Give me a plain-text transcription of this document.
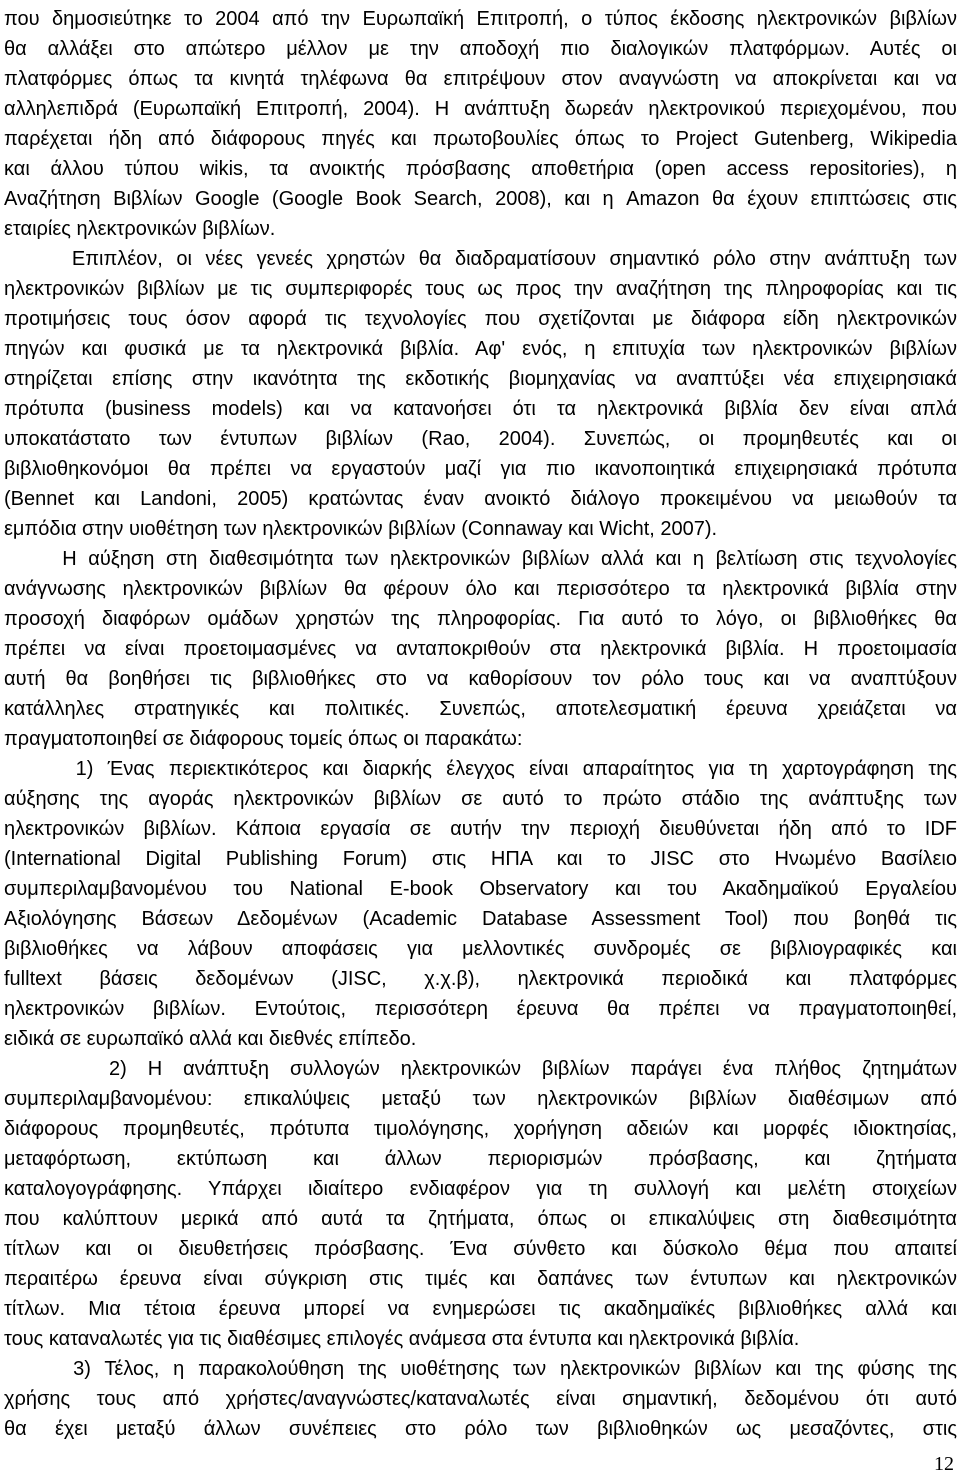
που δημοσιεύτηκε το 2004 από την Ευρωπαϊκή Επιτροπή, ο τύπος έκδοσης ηλεκτρονικών βιβλίων
θα αλλάξει στο απώτερο μέλλον με την αποδοχή πιο διαλογικών πλατφόρμων. Αυτές οι
πλατφόρμες όπως τα κινητά τηλέφωνα θα επιτρέψουν στον αναγνώστη να αποκρίνεται και να
αλληλεπιδρά (Ευρωπαϊκή Επιτροπή, 2004). Η ανάπτυξη δωρεάν ηλεκτρονικού περιεχομένου, που
παρέχεται ήδη από διάφορους πηγές και πρωτοβουλίες όπως το Project Gutenberg, Wikipedia
και άλλου τύπου wikis, τα ανοικτής πρόσβασης αποθετήρια (open access repositories), η
Αναζήτηση Βιβλίων Google (Google Book Search, 2008), και η Amazon θα έχουν επιπτώσεις στις
εταιρίες ηλεκτρονικών βιβλίων.
Επιπλέον, οι νέες γενεές χρηστών θα διαδραματίσουν σημαντικό ρόλο στην ανάπτυξη των
ηλεκτρονικών βιβλίων με τις συμπεριφορές τους ως προς την αναζήτηση της πληροφορίας και τις
προτιμήσεις τους όσον αφορά τις τεχνολογίες που σχετίζονται με διάφορα είδη ηλεκτρονικών
πηγών και φυσικά με τα ηλεκτρονικά βιβλία. Αφ' ενός, η επιτυχία των ηλεκτρονικών βιβλίων
στηρίζεται επίσης στην ικανότητα της εκδοτικής βιομηχανίας να αναπτύξει νέα επιχειρησιακά
πρότυπα (business models) και να κατανοήσει ότι τα ηλεκτρονικά βιβλία δεν είναι απλά
υποκατάστατο των έντυπων βιβλίων (Rao, 2004). Συνεπώς, οι προμηθευτές και οι
βιβλιοθηκονόμοι θα πρέπει να εργαστούν μαζί για πιο ικανοποιητικά επιχειρησιακά πρότυπα
(Bennet και Landoni, 2005) κρατώντας έναν ανοικτό διάλογο προκειμένου να μειωθούν τα
εμπόδια στην υιοθέτηση των ηλεκτρονικών βιβλίων (Connaway και Wicht, 2007).
Η αύξηση στη διαθεσιμότητα των ηλεκτρονικών βιβλίων αλλά και η βελτίωση στις τεχνολογίες
ανάγνωσης ηλεκτρονικών βιβλίων θα φέρουν όλο και περισσότερο τα ηλεκτρονικά βιβλία στην
προσοχή διαφόρων ομάδων χρηστών της πληροφορίας. Για αυτό το λόγο, οι βιβλιοθήκες θα
πρέπει να είναι προετοιμασμένες να ανταποκριθούν στα ηλεκτρονικά βιβλία. Η προετοιμασία
αυτή θα βοηθήσει τις βιβλιοθήκες στο να καθορίσουν τον ρόλο τους και να αναπτύξουν
κατάλληλες στρατηγικές και πολιτικές. Συνεπώς, αποτελεσματική έρευνα χρειάζεται να
πραγματοποιηθεί σε διάφορους τομείς όπως οι παρακάτω:
1) Ένας περιεκτικότερος και διαρκής έλεγχος είναι απαραίτητος για τη χαρτογράφηση της
αύξησης της αγοράς ηλεκτρονικών βιβλίων σε αυτό το πρώτο στάδιο της ανάπτυξης των
ηλεκτρονικών βιβλίων. Κάποια εργασία σε αυτήν την περιοχή διευθύνεται ήδη από το IDF
(International Digital Publishing Forum) στις ΗΠΑ και το JISC στο Ηνωμένο Βασίλειο
συμπεριλαμβανομένου του National E-book Observatory και του Ακαδημαϊκού Εργαλείου
Αξιολόγησης Βάσεων Δεδομένων (Academic Database Assessment Tool) που βοηθά τις
βιβλιοθήκες να λάβουν αποφάσεις για μελλοντικές συνδρομές σε βιβλιογραφικές και
fulltext βάσεις δεδομένων (JISC, χ.χ.β), ηλεκτρονικά περιοδικά και πλατφόρμες
ηλεκτρονικών βιβλίων. Εντούτοις, περισσότερη έρευνα θα πρέπει να πραγματοποιηθεί,
ειδικά σε ευρωπαϊκό αλλά και διεθνές επίπεδο.
2) Η ανάπτυξη συλλογών ηλεκτρονικών βιβλίων παράγει ένα πλήθος ζητημάτων
συμπεριλαμβανομένου: επικαλύψεις μεταξύ των ηλεκτρονικών βιβλίων διαθέσιμων από
διάφορους προμηθευτές, πρότυπα τιμολόγησης, χορήγηση αδειών και μορφές ιδιοκτησίας,
μεταφόρτωση, εκτύπωση και άλλων περιορισμών πρόσβασης, και ζητήματα
καταλογογράφησης. Υπάρχει ιδιαίτερο ενδιαφέρον για τη συλλογή και μελέτη στοιχείων
που καλύπτουν μερικά από αυτά τα ζητήματα, όπως οι επικαλύψεις στη διαθεσιμότητα
τίτλων και οι διευθετήσεις πρόσβασης. Ένα σύνθετο και δύσκολο θέμα που απαιτεί
περαιτέρω έρευνα είναι σύγκριση στις τιμές και δαπάνες των έντυπων και ηλεκτρονικών
τίτλων. Μια τέτοια έρευνα μπορεί να ενημερώσει τις ακαδημαϊκές βιβλιοθήκες αλλά και
τους καταναλωτές για τις διαθέσιμες επιλογές ανάμεσα στα έντυπα και ηλεκτρονικά βιβλία.
3) Τέλος, η παρακολούθηση της υιοθέτησης των ηλεκτρονικών βιβλίων και της φύσης της
χρήσης τους από χρήστες/αναγνώστες/καταναλωτές είναι σημαντική, δεδομένου ότι αυτό
θα έχει μεταξύ άλλων συνέπειες στο ρόλο των βιβλιοθηκών ως μεσαζόντες, στις
12
